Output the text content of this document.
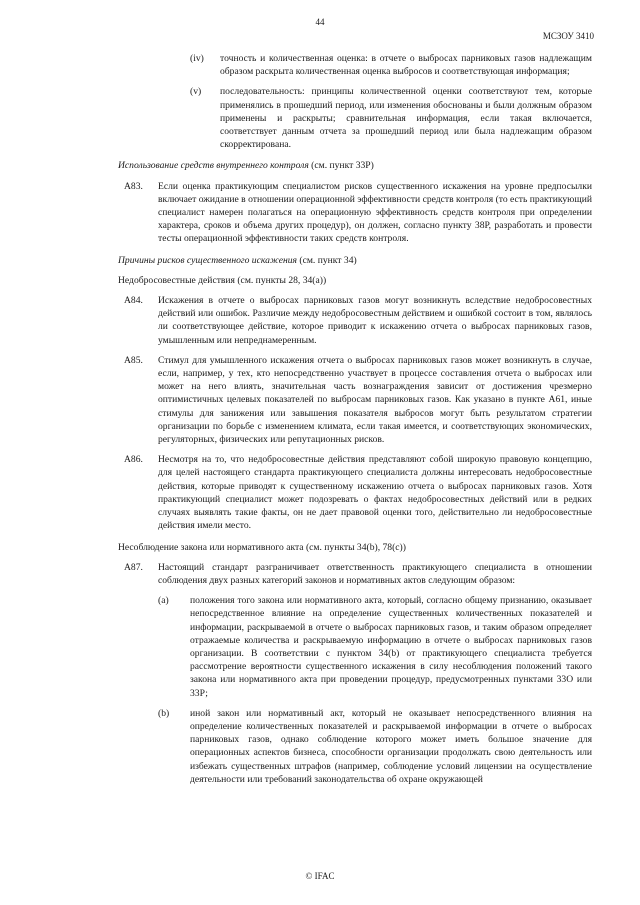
44
МСЗОУ 3410
(iv)	точность и количественная оценка: в отчете о выбросах парниковых газов надлежащим образом раскрыта количественная оценка выбросов и соответствующая информация;
(v)	последовательность: принципы количественной оценки соответствуют тем, которые применялись в прошедший период, или изменения обоснованы и были должным образом применены и раскрыты; сравнительная информация, если такая включается, соответствует данным отчета за прошедший период или была надлежащим образом скорректирована.
Использование средств внутреннего контроля (см. пункт 33Р)
A83.	Если оценка практикующим специалистом рисков существенного искажения на уровне предпосылки включает ожидание в отношении операционной эффективности средств контроля (то есть практикующий специалист намерен полагаться на операционную эффективность средств контроля при определении характера, сроков и объема других процедур), он должен, согласно пункту 38Р, разработать и провести тесты операционной эффективности таких средств контроля.
Причины рисков существенного искажения (см. пункт 34)
Недобросовестные действия (см. пункты 28, 34(a))
A84.	Искажения в отчете о выбросах парниковых газов могут возникнуть вследствие недобросовестных действий или ошибок. Различие между недобросовестным действием и ошибкой состоит в том, являлось ли соответствующее действие, которое приводит к искажению отчета о выбросах парниковых газов, умышленным или непреднамеренным.
A85.	Стимул для умышленного искажения отчета о выбросах парниковых газов может возникнуть в случае, если, например, у тех, кто непосредственно участвует в процессе составления отчета о выбросах или может на него влиять, значительная часть вознаграждения зависит от достижения чрезмерно оптимистичных целевых показателей по выбросам парниковых газов. Как указано в пункте A61, иные стимулы для занижения или завышения показателя выбросов могут быть результатом стратегии организации по борьбе с изменением климата, если такая имеется, и соответствующих экономических, регуляторных, физических или репутационных рисков.
A86.	Несмотря на то, что недобросовестные действия представляют собой широкую правовую концепцию, для целей настоящего стандарта практикующего специалиста должны интересовать недобросовестные действия, которые приводят к существенному искажению отчета о выбросах парниковых газов. Хотя практикующий специалист может подозревать о фактах недобросовестных действий или в редких случаях выявлять такие факты, он не дает правовой оценки того, действительно ли недобросовестные действия имели место.
Несоблюдение закона или нормативного акта (см. пункты 34(b), 78(c))
A87.	Настоящий стандарт разграничивает ответственность практикующего специалиста в отношении соблюдения двух разных категорий законов и нормативных актов следующим образом:
(a)	положения того закона или нормативного акта, который, согласно общему признанию, оказывает непосредственное влияние на определение существенных количественных показателей и информации, раскрываемой в отчете о выбросах парниковых газов, и таким образом определяет отражаемые количества и раскрываемую информацию в отчете о выбросах парниковых газов организации. В соответствии с пунктом 34(b) от практикующего специалиста требуется рассмотрение вероятности существенного искажения в силу несоблюдения положений такого закона или нормативного акта при проведении процедур, предусмотренных пунктами 33О или 33Р;
(b)	иной закон или нормативный акт, который не оказывает непосредственного влияния на определение количественных показателей и раскрываемой информации в отчете о выбросах парниковых газов, однако соблюдение которого может иметь большое значение для операционных аспектов бизнеса, способности организации продолжать свою деятельность или избежать существенных штрафов (например, соблюдение условий лицензии на осуществление деятельности или требований законодательства об охране окружающей
© IFAC
